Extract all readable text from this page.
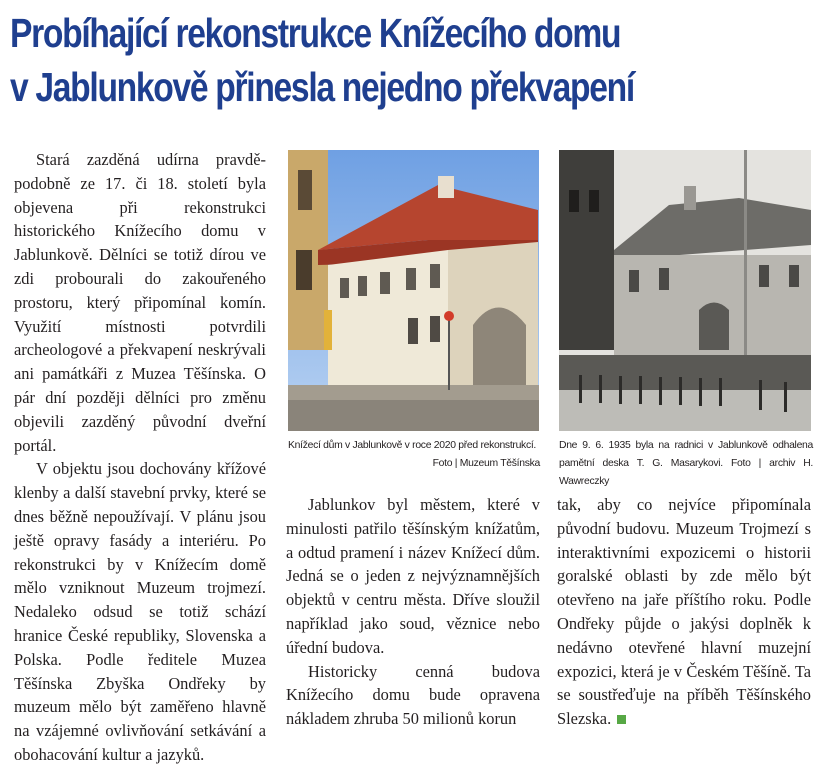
Probíhající rekonstrukce Knížecího domu
v Jablunkově přinesla nejedno překvapení

Stará zazděná udírna pravděpodobně ze 17. či 18. století byla objevena při rekonstrukci historického Knížecího domu v Jablunkově. Dělníci se totiž dírou ve zdi probourali do zakouřeného prostoru, který připomínal komín. Využití místnosti potvrdili archeologové a překvapení neskrývali ani památkáři z Muzea Těšínska. O pár dní později dělníci pro změnu objevili zazděný původní dveřní portál.

V objektu jsou dochovány křížové klenby a další stavební prvky, které se dnes běžně nepoužívají. V plánu jsou ještě opravy fasády a interiéru. Po rekonstrukci by v Knížecím domě mělo vzniknout Muzeum trojmezí. Nedaleko odsud se totiž schází hranice České republiky, Slovenska a Polska. Podle ředitele Muzea Těšínska Zbyška Ondřeky by muzeum mělo být zaměřeno hlavně na vzájemné ovlivňování setkávání a obohacování kultur a jazyků.

Knížecí dům v Jablunkově v roce 2020 před rekonstrukcí.
Foto | Muzeum Těšínska
Dne 9. 6. 1935 byla na radnici v Jablunkově odhalena pamětní deska T. G. Masarykovi. Foto | archiv H. Wawreczky

Jablunkov byl městem, které v minulosti patřilo těšínským knížatům, a odtud pramení i název Knížecí dům. Jedná se o jeden z nejvýznamnějších objektů v centru města. Dříve sloužil například jako soud, věznice nebo úřední budova.

Historicky cenná budova Knížecího domu bude opravena nákladem zhruba 50 milionů korun

tak, aby co nejvíce připomínala původní budovu. Muzeum Trojmezí s interaktivními expozicemi o historii goralské oblasti by zde mělo být otevřeno na jaře příštího roku. Podle Ondřeky půjde o jakýsi doplněk k nedávno otevřené hlavní muzejní expozici, která je v Českém Těšíně. Ta se soustřeďuje na příběh Těšínského Slezska.
